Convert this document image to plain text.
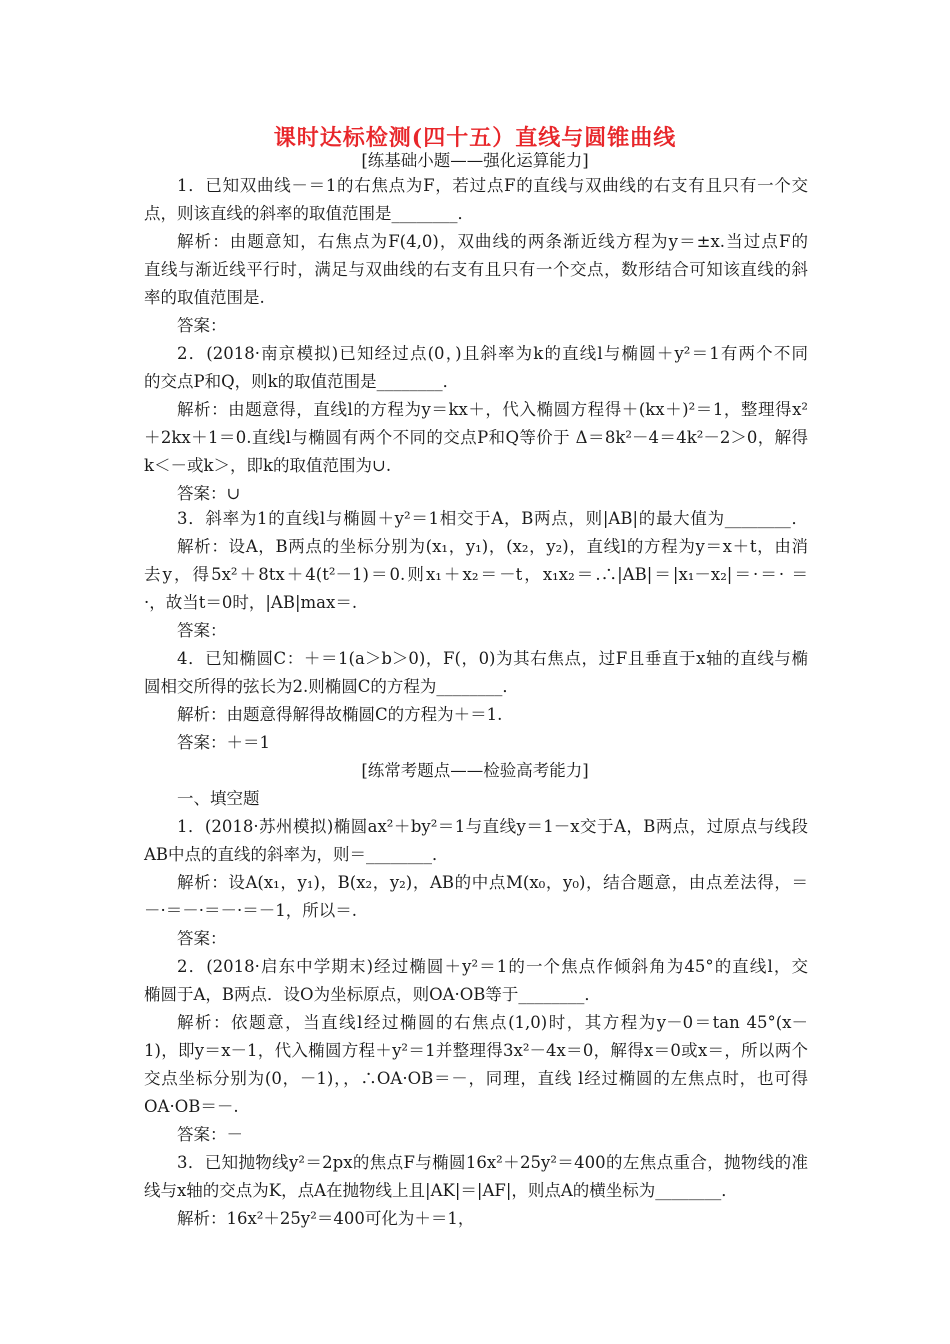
课时达标检测(四十五）直线与圆锥曲线
[练基础小题——强化运算能力]
1．已知双曲线－＝1的右焦点为F，若过点F的直线与双曲线的右支有且只有一个交
点，则该直线的斜率的取值范围是________．
解析：由题意知，右焦点为F(4,0)，双曲线的两条渐近线方程为y＝±x.当过点F的
直线与渐近线平行时，满足与双曲线的右支有且只有一个交点，数形结合可知该直线的斜
率的取值范围是.
答案：
2．(2018·南京模拟)已知经过点(0，)且斜率为k的直线l与椭圆＋y²＝1有两个不同
的交点P和Q，则k的取值范围是________．
解析：由题意得，直线l的方程为y＝kx＋，代入椭圆方程得＋(kx＋)²＝1，整理得x²
＋2kx＋1＝0.直线l与椭圆有两个不同的交点P和Q等价于 Δ＝8k²－4＝4k²－2＞0，解得
k＜－或k＞，即k的取值范围为∪.
答案：∪
3．斜率为1的直线l与椭圆＋y²＝1相交于A，B两点，则|AB|的最大值为________．
解析：设A，B两点的坐标分别为(x₁，y₁)，(x₂，y₂)，直线l的方程为y＝x＋t，由消
去y，得5x²＋8tx＋4(t²－1)＝0.则x₁＋x₂＝－t，x₁x₂＝.∴|AB|＝|x₁－x₂|＝·＝· ＝
·，故当t＝0时，|AB|max＝.
答案：
4．已知椭圆C：＋＝1(a＞b＞0)，F(，0)为其右焦点，过F且垂直于x轴的直线与椭
圆相交所得的弦长为2.则椭圆C的方程为________．
解析：由题意得解得故椭圆C的方程为＋＝1.
答案：＋＝1
[练常考题点——检验高考能力]
一、填空题
1．(2018·苏州模拟)椭圆ax²＋by²＝1与直线y＝1－x交于A，B两点，过原点与线段
AB中点的直线的斜率为，则＝________．
解析：设A(x₁，y₁)，B(x₂，y₂)，AB的中点M(x₀，y₀)，结合题意，由点差法得，＝
－·＝－·＝－·＝－1，所以＝.
答案：
2．(2018·启东中学期末)经过椭圆＋y²＝1的一个焦点作倾斜角为45°的直线l，交
椭圆于A，B两点．设O为坐标原点，则OA·OB等于________．
解析：依题意，当直线l经过椭圆的右焦点(1,0)时，其方程为y－0＝tan 45°(x－
1)，即y＝x－1，代入椭圆方程＋y²＝1并整理得3x²－4x＝0，解得x＝0或x＝，所以两个
交点坐标分别为(0，－1)，，∴OA·OB＝－，同理，直线 l经过椭圆的左焦点时，也可得
OA·OB＝－.
答案：－
3．已知抛物线y²＝2px的焦点F与椭圆16x²＋25y²＝400的左焦点重合，抛物线的准
线与x轴的交点为K，点A在抛物线上且|AK|＝|AF|，则点A的横坐标为________．
解析：16x²＋25y²＝400可化为＋＝1，
